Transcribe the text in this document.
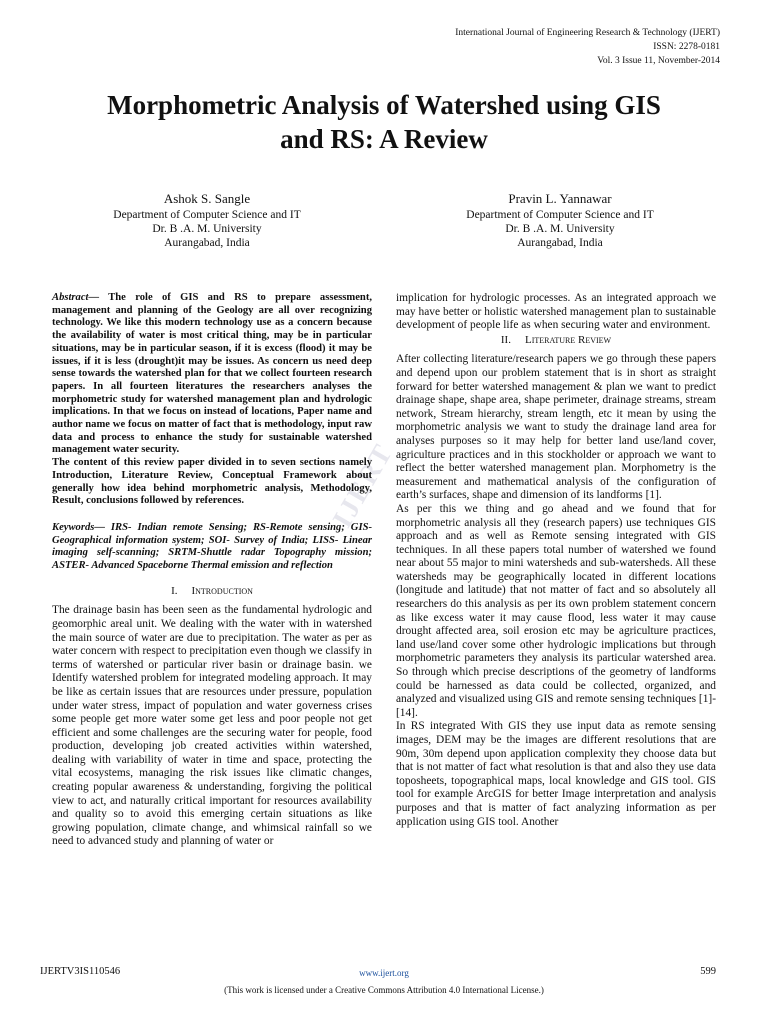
International Journal of Engineering Research & Technology (IJERT)
ISSN: 2278-0181
Vol. 3 Issue 11, November-2014
Morphometric Analysis of Watershed using GIS
and RS: A Review
Ashok S. Sangle
Department of Computer Science and IT
Dr. B .A. M. University
Aurangabad, India
Pravin L. Yannawar
Department of Computer Science and IT
Dr. B .A. M. University
Aurangabad, India
IJERT

Abstract— The role of GIS and RS to prepare assessment, management and planning of the Geology are all over recognizing technology. We like this modern technology use as a concern because the availability of water is most critical thing, may be in particular situations, may be in particular season, if it is excess (flood) it may be issues, if it is less (drought)it may be issues. As concern us need deep sense towards the watershed plan for that we collect fourteen research papers. In all fourteen literatures the researchers analyses the morphometric study for watershed management plan and hydrologic implications. In that we focus on instead of locations, Paper name and author name we focus on matter of fact that is methodology, input raw data and process to enhance the study for sustainable watershed management water security.

The content of this review paper divided in to seven sections namely Introduction, Literature Review, Conceptual Framework about generally how idea behind morphometric analysis, Methodology, Result, conclusions followed by references.

Keywords— IRS- Indian remote Sensing; RS-Remote sensing; GIS- Geographical information system; SOI- Survey of India; LISS- Linear imaging self-scanning; SRTM-Shuttle radar Topography mission; ASTER- Advanced Spaceborne Thermal emission and reflection

I. Introduction

The drainage basin has been seen as the fundamental hydrologic and geomorphic areal unit. We dealing with the water with in watershed the main source of water are due to precipitation. The water as per as water concern with respect to precipitation even though we classify in terms of watershed or particular river basin or drainage basin. we Identify watershed problem for integrated modeling approach. It may be like as certain issues that are resources under pressure, population under water stress, impact of population and water governess crises some people get more water some get less and poor people not get efficient and some challenges are the securing water for people, food production, developing job created activities within watershed, dealing with variability of water in time and space, protecting the vital ecosystems, managing the risk issues like climatic changes, creating popular awareness & understanding, forgiving the political view to act, and naturally critical important for resources availability and quality so to avoid this emerging certain situations as like growing population, climate change, and whimsical rainfall so we need to advanced study and planning of water or

implication for hydrologic processes. As an integrated approach we may have better or holistic watershed management plan to sustainable development of people life as when securing water and environment.

II. Literature Review

After collecting literature/research papers we go through these papers and depend upon our problem statement that is in short as straight forward for better watershed management & plan we want to predict drainage shape, shape area, shape perimeter, drainage streams, stream network, Stream hierarchy, stream length, etc it mean by using the morphometric analysis we want to study the drainage land area for analyses purposes so it may help for better land use/land cover, agriculture practices and in this stockholder or approach we want to reflect the better watershed management plan. Morphometry is the measurement and mathematical analysis of the configuration of earth’s surfaces, shape and dimension of its landforms [1].

As per this we thing and go ahead and we found that for morphometric analysis all they (research papers) use techniques GIS approach and as well as Remote sensing integrated with GIS techniques. In all these papers total number of watershed we found near about 55 major to mini watersheds and sub-watersheds. All these watersheds may be geographically located in different locations (longitude and latitude) that not matter of fact and so absolutely all researchers do this analysis as per its own problem statement concern as like excess water it may cause flood, less water it may cause drought affected area, soil erosion etc may be agriculture practices, land use/land cover some other hydrologic implications but through morphometric parameters they analysis its particular watershed area. So through which precise descriptions of the geometry of landforms could be harnessed as data could be collected, organized, and analyzed and visualized using GIS and remote sensing techniques [1]-[14].

In RS integrated With GIS they use input data as remote sensing images, DEM may be the images are different resolutions that are 90m, 30m depend upon application complexity they choose data but that is not matter of fact what resolution is that and also they use data toposheets, topographical maps, local knowledge and GIS tool. GIS tool for example ArcGIS for better Image interpretation and analysis purposes and that is matter of fact analyzing information as per application using GIS tool. Another

IJERTV3IS110546	www.ijert.org	599
(This work is licensed under a Creative Commons Attribution 4.0 International License.)
